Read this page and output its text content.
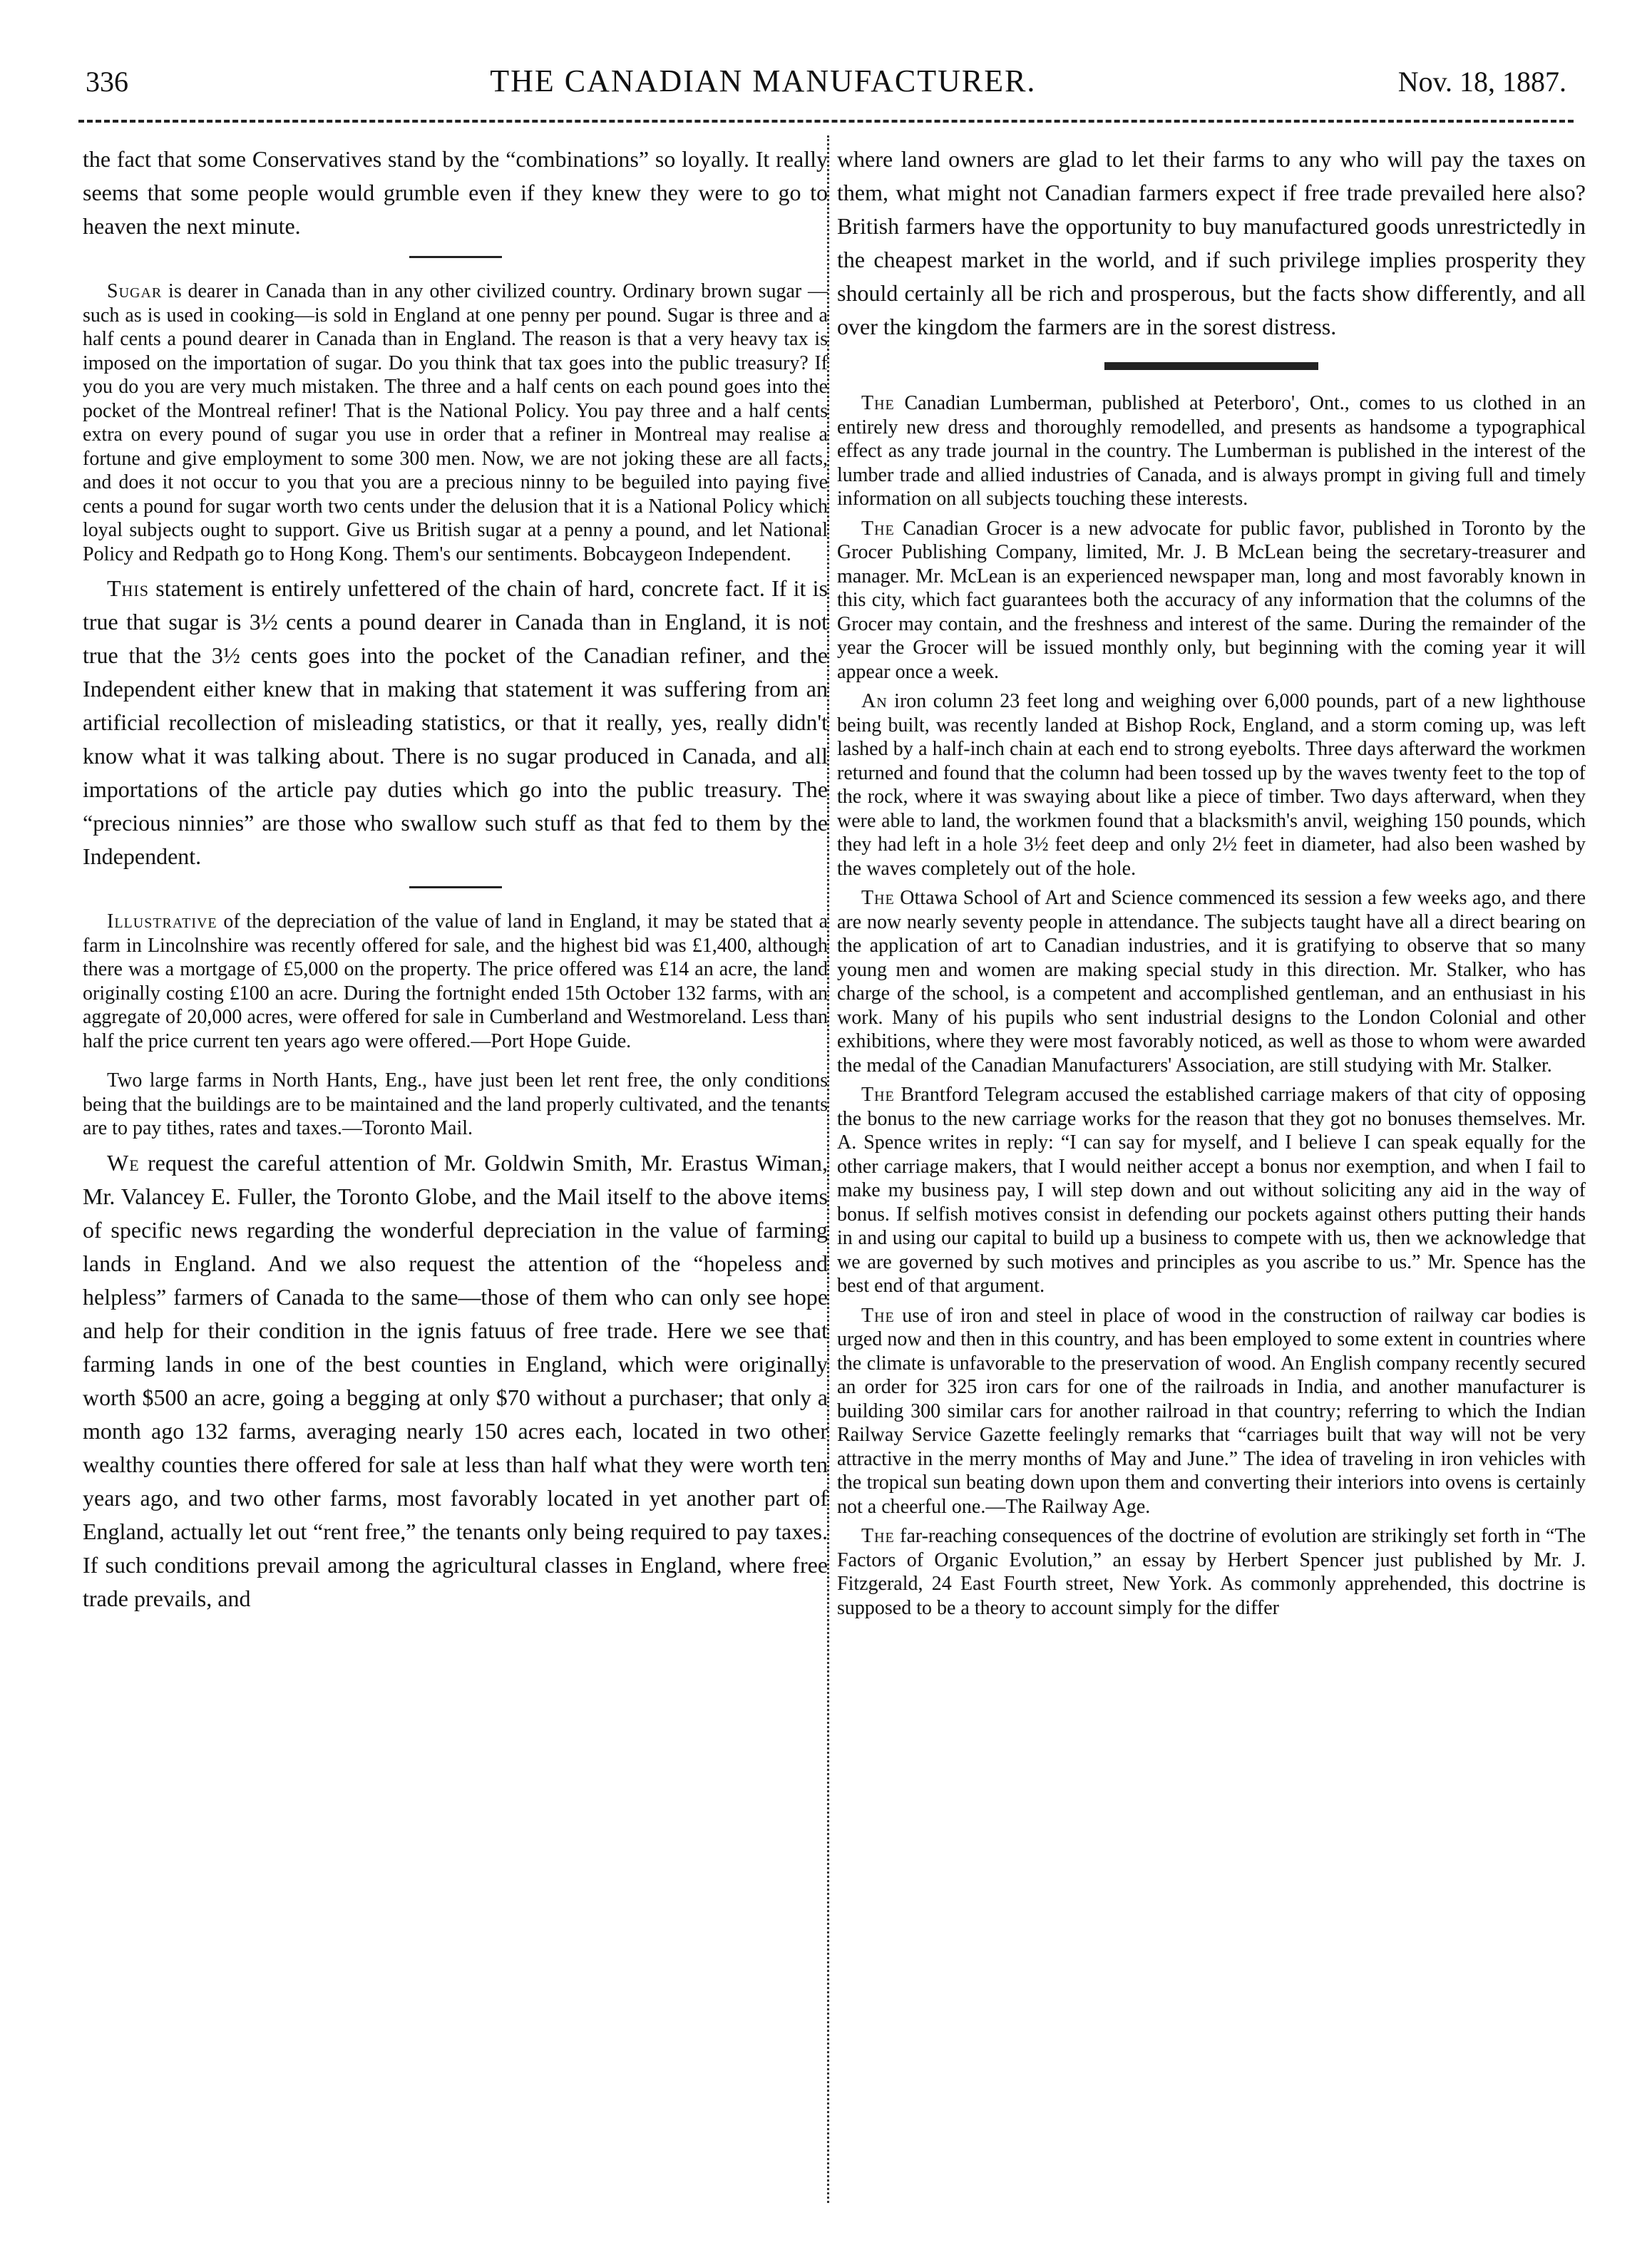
336	THE CANADIAN MANUFACTURER.	Nov. 18, 1887.

the fact that some Conservatives stand by the “combinations” so loyally. It really seems that some people would grumble even if they knew they were to go to heaven the next minute.

Sugar is dearer in Canada than in any other civilized country. Ordinary brown sugar —such as is used in cooking—is sold in England at one penny per pound. Sugar is three and a half cents a pound dearer in Canada than in England. The reason is that a very heavy tax is imposed on the importation of sugar. Do you think that tax goes into the public treasury? If you do you are very much mistaken. The three and a half cents on each pound goes into the pocket of the Montreal refiner! That is the National Policy. You pay three and a half cents extra on every pound of sugar you use in order that a refiner in Montreal may realise a fortune and give employment to some 300 men. Now, we are not joking these are all facts, and does it not occur to you that you are a precious ninny to be beguiled into paying five cents a pound for sugar worth two cents under the delusion that it is a National Policy which loyal subjects ought to support. Give us British sugar at a penny a pound, and let National Policy and Redpath go to Hong Kong. Them's our sentiments. Bobcaygeon Independent.

This statement is entirely unfettered of the chain of hard, concrete fact. If it is true that sugar is 3½ cents a pound dearer in Canada than in England, it is not true that the 3½ cents goes into the pocket of the Canadian refiner, and the Independent either knew that in making that statement it was suffering from an artificial recollection of misleading statistics, or that it really, yes, really didn't know what it was talking about. There is no sugar produced in Canada, and all importations of the article pay duties which go into the public treasury. The “precious ninnies” are those who swallow such stuff as that fed to them by the Independent.

Illustrative of the depreciation of the value of land in England, it may be stated that a farm in Lincolnshire was recently offered for sale, and the highest bid was £1,400, although there was a mortgage of £5,000 on the property. The price offered was £14 an acre, the land originally costing £100 an acre. During the fortnight ended 15th October 132 farms, with an aggregate of 20,000 acres, were offered for sale in Cumberland and Westmoreland. Less than half the price current ten years ago were offered.—Port Hope Guide.

Two large farms in North Hants, Eng., have just been let rent free, the only conditions being that the buildings are to be maintained and the land properly cultivated, and the tenants are to pay tithes, rates and taxes.—Toronto Mail.

We request the careful attention of Mr. Goldwin Smith, Mr. Erastus Wiman, Mr. Valancey E. Fuller, the Toronto Globe, and the Mail itself to the above items of specific news regarding the wonderful depreciation in the value of farming lands in England. And we also request the attention of the “hopeless and helpless” farmers of Canada to the same—those of them who can only see hope and help for their condition in the ignis fatuus of free trade. Here we see that farming lands in one of the best counties in England, which were originally worth $500 an acre, going a begging at only $70 without a purchaser; that only a month ago 132 farms, averaging nearly 150 acres each, located in two other wealthy counties there offered for sale at less than half what they were worth ten years ago, and two other farms, most favorably located in yet another part of England, actually let out “rent free,” the tenants only being required to pay taxes. If such conditions prevail among the agricultural classes in England, where free trade prevails, and

where land owners are glad to let their farms to any who will pay the taxes on them, what might not Canadian farmers expect if free trade prevailed here also? British farmers have the opportunity to buy manufactured goods unrestrictedly in the cheapest market in the world, and if such privilege implies prosperity they should certainly all be rich and prosperous, but the facts show differently, and all over the kingdom the farmers are in the sorest distress.

The Canadian Lumberman, published at Peterboro', Ont., comes to us clothed in an entirely new dress and thoroughly remodelled, and presents as handsome a typographical effect as any trade journal in the country. The Lumberman is published in the interest of the lumber trade and allied industries of Canada, and is always prompt in giving full and timely information on all subjects touching these interests.

The Canadian Grocer is a new advocate for public favor, published in Toronto by the Grocer Publishing Company, limited, Mr. J. B McLean being the secretary-treasurer and manager. Mr. McLean is an experienced newspaper man, long and most favorably known in this city, which fact guarantees both the accuracy of any information that the columns of the Grocer may contain, and the freshness and interest of the same. During the remainder of the year the Grocer will be issued monthly only, but beginning with the coming year it will appear once a week.

An iron column 23 feet long and weighing over 6,000 pounds, part of a new lighthouse being built, was recently landed at Bishop Rock, England, and a storm coming up, was left lashed by a half-inch chain at each end to strong eyebolts. Three days afterward the workmen returned and found that the column had been tossed up by the waves twenty feet to the top of the rock, where it was swaying about like a piece of timber. Two days afterward, when they were able to land, the workmen found that a blacksmith's anvil, weighing 150 pounds, which they had left in a hole 3½ feet deep and only 2½ feet in diameter, had also been washed by the waves completely out of the hole.

The Ottawa School of Art and Science commenced its session a few weeks ago, and there are now nearly seventy people in attendance. The subjects taught have all a direct bearing on the application of art to Canadian industries, and it is gratifying to observe that so many young men and women are making special study in this direction. Mr. Stalker, who has charge of the school, is a competent and accomplished gentleman, and an enthusiast in his work. Many of his pupils who sent industrial designs to the London Colonial and other exhibitions, where they were most favorably noticed, as well as those to whom were awarded the medal of the Canadian Manufacturers' Association, are still studying with Mr. Stalker.

The Brantford Telegram accused the established carriage makers of that city of opposing the bonus to the new carriage works for the reason that they got no bonuses themselves. Mr. A. Spence writes in reply: “I can say for myself, and I believe I can speak equally for the other carriage makers, that I would neither accept a bonus nor exemption, and when I fail to make my business pay, I will step down and out without soliciting any aid in the way of bonus. If selfish motives consist in defending our pockets against others putting their hands in and using our capital to build up a business to compete with us, then we acknowledge that we are governed by such motives and principles as you ascribe to us.” Mr. Spence has the best end of that argument.

The use of iron and steel in place of wood in the construction of railway car bodies is urged now and then in this country, and has been employed to some extent in countries where the climate is unfavorable to the preservation of wood. An English company recently secured an order for 325 iron cars for one of the railroads in India, and another manufacturer is building 300 similar cars for another railroad in that country; referring to which the Indian Railway Service Gazette feelingly remarks that “carriages built that way will not be very attractive in the merry months of May and June.” The idea of traveling in iron vehicles with the tropical sun beating down upon them and converting their interiors into ovens is certainly not a cheerful one.—The Railway Age.

The far-reaching consequences of the doctrine of evolution are strikingly set forth in “The Factors of Organic Evolution,” an essay by Herbert Spencer just published by Mr. J. Fitzgerald, 24 East Fourth street, New York. As commonly apprehended, this doctrine is supposed to be a theory to account simply for the differ
